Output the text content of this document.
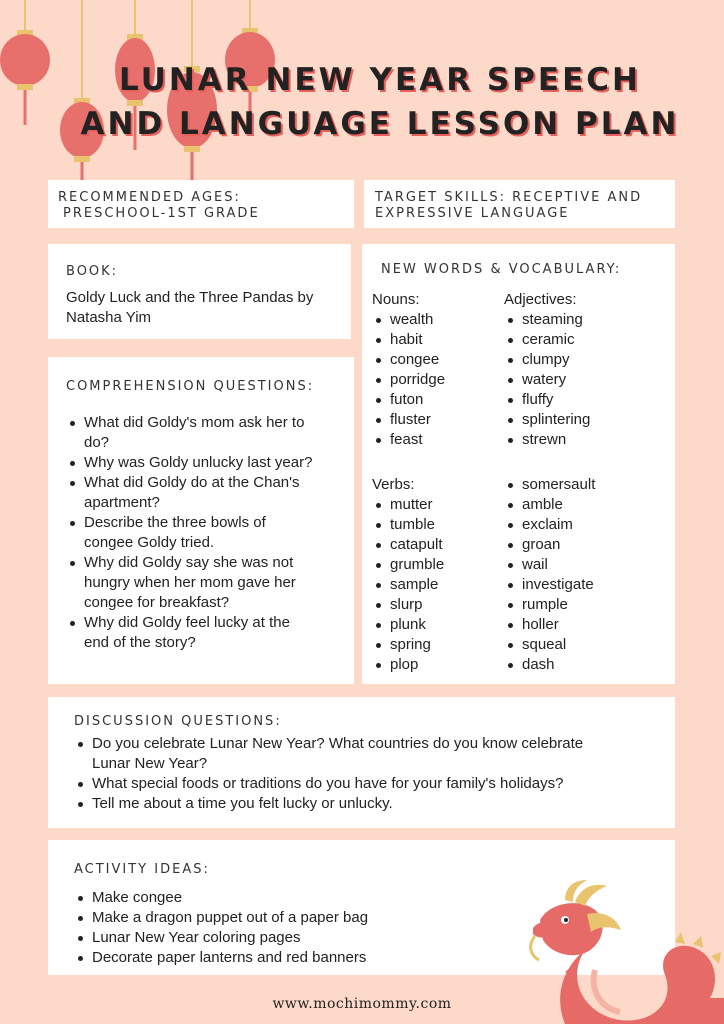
LUNAR NEW YEAR SPEECH
AND LANGUAGE LESSON PLAN
RECOMMENDED AGES:
PRESCHOOL-1ST GRADE
TARGET SKILLS: RECEPTIVE AND
EXPRESSIVE LANGUAGE
BOOK:
Goldy Luck and the Three Pandas by
Natasha Yim
COMPREHENSION QUESTIONS:
What did Goldy's mom ask her to
do?
Why was Goldy unlucky last year?
What did Goldy do at the Chan's
apartment?
Describe the three bowls of
congee Goldy tried.
Why did Goldy say she was not
hungry when her mom gave her
congee for breakfast?
Why did Goldy feel lucky at the
end of the story?
NEW WORDS & VOCABULARY:
Nouns:
wealth
habit
congee
porridge
futon
fluster
feast
Adjectives:
steaming
ceramic
clumpy
watery
fluffy
splintering
strewn
Verbs:
mutter
tumble
catapult
grumble
sample
slurp
plunk
spring
plop
somersault
amble
exclaim
groan
wail
investigate
rumple
holler
squeal
dash
DISCUSSION QUESTIONS:
Do you celebrate Lunar New Year? What countries do you know celebrate
Lunar New Year?
What special foods or traditions do you have for your family's holidays?
Tell me about a time you felt lucky or unlucky.
ACTIVITY IDEAS:
Make congee
Make a dragon puppet out of a paper bag
Lunar New Year coloring pages
Decorate paper lanterns and red banners
www.mochimommy.com
